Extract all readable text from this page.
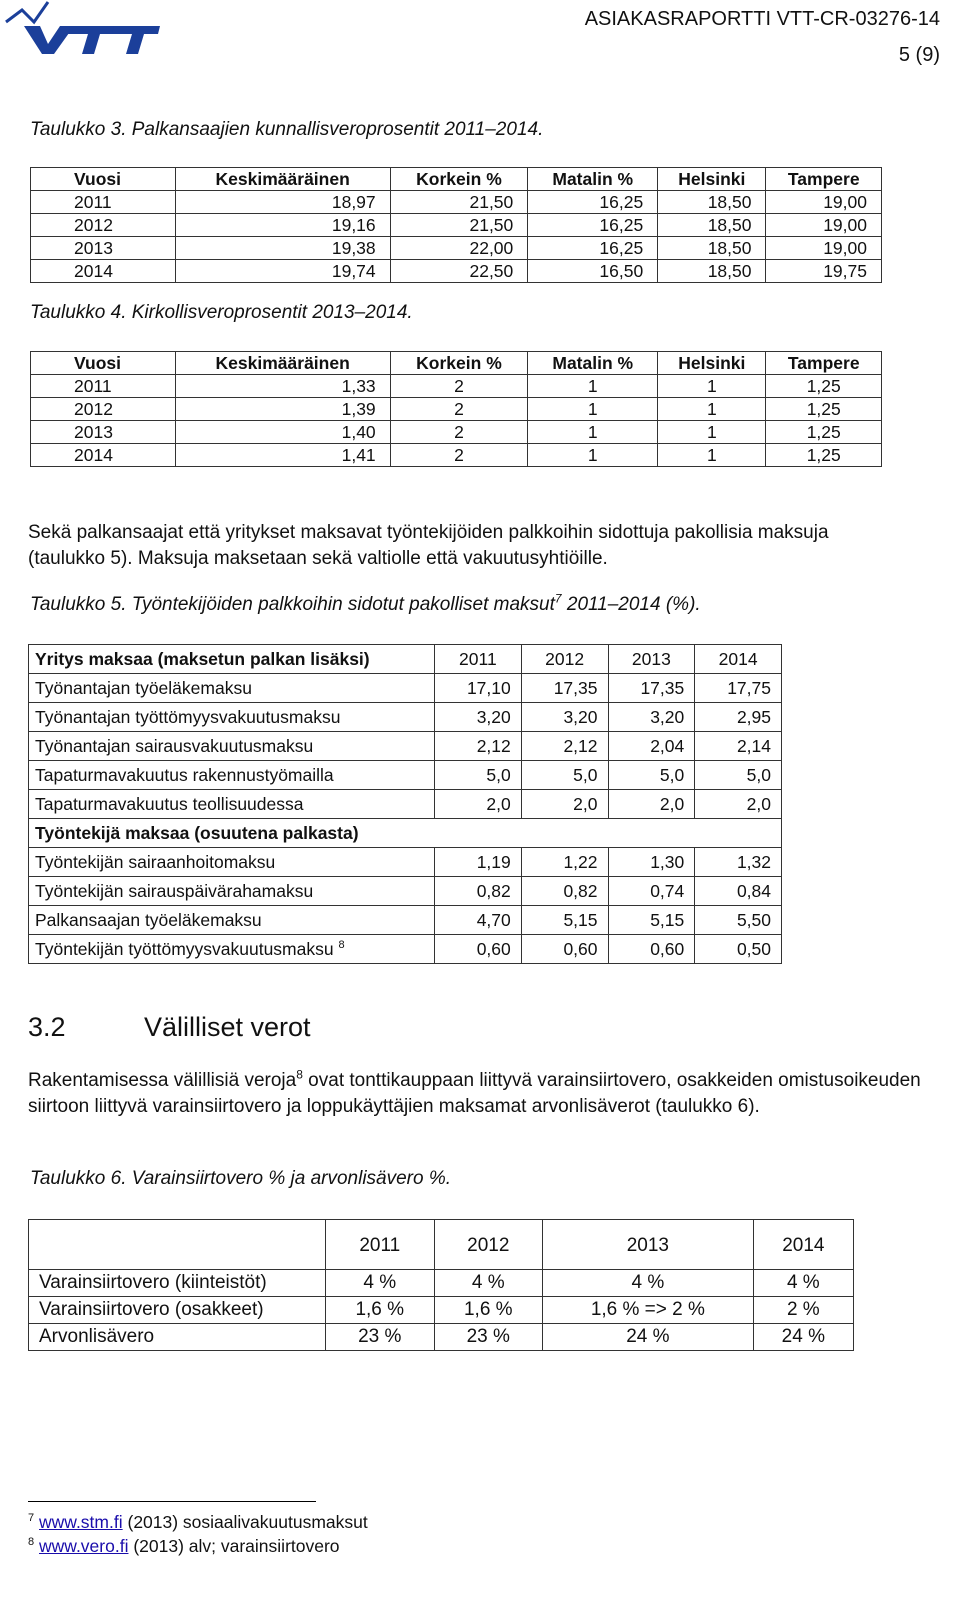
ASIAKASRAPORTTI VTT-CR-03276-14
5 (9)
Taulukko 3. Palkansaajien kunnallisveroprosentit 2011–2014.
Vuosi	Keskimääräinen	Korkein %	Matalin %	Helsinki	Tampere
2011	18,97	21,50	16,25	18,50	19,00
2012	19,16	21,50	16,25	18,50	19,00
2013	19,38	22,00	16,25	18,50	19,00
2014	19,74	22,50	16,50	18,50	19,75
Taulukko 4. Kirkollisveroprosentit 2013–2014.
Vuosi	Keskimääräinen	Korkein %	Matalin %	Helsinki	Tampere
2011	1,33	2	1	1	1,25
2012	1,39	2	1	1	1,25
2013	1,40	2	1	1	1,25
2014	1,41	2	1	1	1,25
Sekä palkansaajat että yritykset maksavat työntekijöiden palkkoihin sidottuja pakollisia maksuja (taulukko 5). Maksuja maksetaan sekä valtiolle että vakuutusyhtiöille.
Taulukko 5. Työntekijöiden palkkoihin sidotut pakolliset maksut$^7$ 2011–2014 (%).
Yritys maksaa (maksetun palkan lisäksi)	2011	2012	2013	2014
Työnantajan työeläkemaksu	17,10	17,35	17,35	17,75
Työnantajan työttömyysvakuutusmaksu	3,20	3,20	3,20	2,95
Työnantajan sairausvakuutusmaksu	2,12	2,12	2,04	2,14
Tapaturmavakuutus rakennustyömailla	5,0	5,0	5,0	5,0
Tapaturmavakuutus teollisuudessa	2,0	2,0	2,0	2,0
Työntekijä maksaa (osuutena palkasta)				
Työntekijän sairaanhoitomaksu	1,19	1,22	1,30	1,32
Työntekijän sairauspäivärahamaksu	0,82	0,82	0,74	0,84
Palkansaajan työeläkemaksu	4,70	5,15	5,15	5,50
Työntekijän työttömyysvakuutusmaksu $^8$	0,60	0,60	0,60	0,50
3.2	Välilliset verot
Rakentamisessa välillisiä veroja$^8$ ovat tonttikauppaan liittyvä varainsiirtovero, osakkeiden omistusoikeuden siirtoon liittyvä varainsiirtovero ja loppukäyttäjien maksamat arvonlisäverot (taulukko 6).
Taulukko 6. Varainsiirtovero % ja arvonlisävero %.
	2011	2012	2013	2014
Varainsiirtovero (kiinteistöt)	4 %	4 %	4 %	4 %
Varainsiirtovero (osakkeet)	1,6 %	1,6 %	1,6 % => 2 %	2 %
Arvonlisävero	23 %	23 %	24 %	24 %
$^7$ www.stm.fi (2013) sosiaalivakuutusmaksut
$^8$ www.vero.fi (2013) alv; varainsiirtovero
